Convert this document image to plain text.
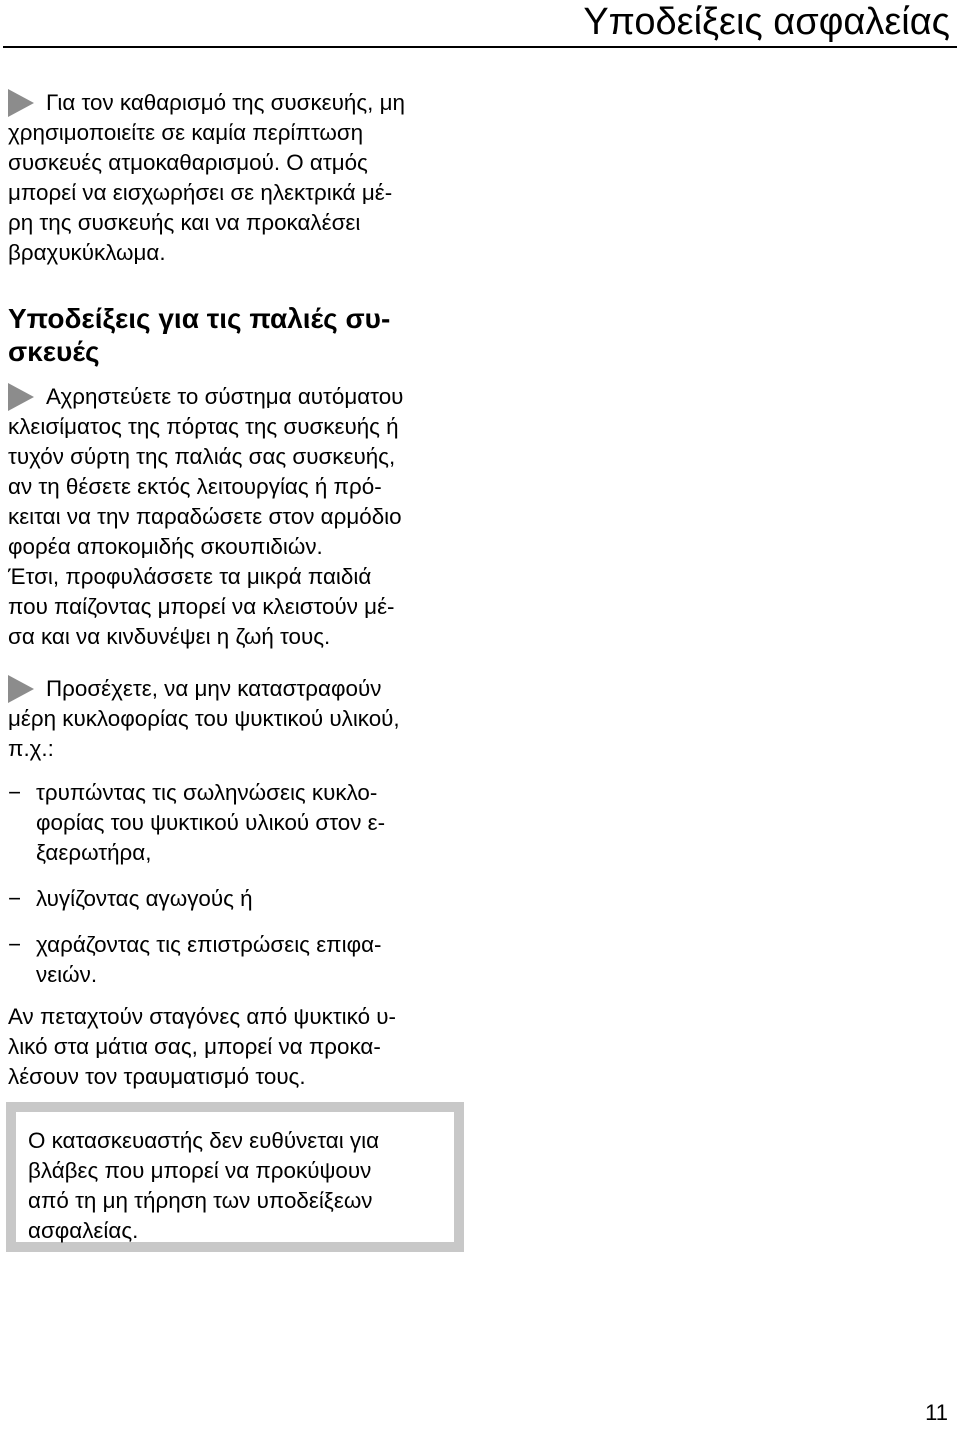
Υποδείξεις ασφαλείας
Για τον καθαρισμό της συσκευής, μη
χρησιμοποιείτε σε καμία περίπτωση
συσκευές ατμοκαθαρισμού. Ο ατμός
μπορεί να εισχωρήσει σε ηλεκτρικά μέ-
ρη της συσκευής και να προκαλέσει
βραχυκύκλωμα.
Υποδείξεις για τις παλιές συ-
σκευές
Αχρηστεύετε το σύστημα αυτόματου
κλεισίματος της πόρτας της συσκευής ή
τυχόν σύρτη της παλιάς σας συσκευής,
αν τη θέσετε εκτός λειτουργίας ή πρό-
κειται να την παραδώσετε στον αρμόδιο
φορέα αποκομιδής σκουπιδιών.
Έτσι, προφυλάσσετε τα μικρά παιδιά
που παίζοντας μπορεί να κλειστούν μέ-
σα και να κινδυνέψει η ζωή τους.
Προσέχετε, να μην καταστραφούν
μέρη κυκλοφορίας του ψυκτικού υλικού,
π.χ.:
− τρυπώντας τις σωληνώσεις κυκλο-
φορίας του ψυκτικού υλικού στον ε-
ξαερωτήρα,
− λυγίζοντας αγωγούς ή
− χαράζοντας τις επιστρώσεις επιφα-
νειών.
Αν πεταχτούν σταγόνες από ψυκτικό υ-
λικό στα μάτια σας, μπορεί να προκα-
λέσουν τον τραυματισμό τους.
Ο κατασκευαστής δεν ευθύνεται για
βλάβες που μπορεί να προκύψουν
από τη μη τήρηση των υποδείξεων
ασφαλείας.
11
